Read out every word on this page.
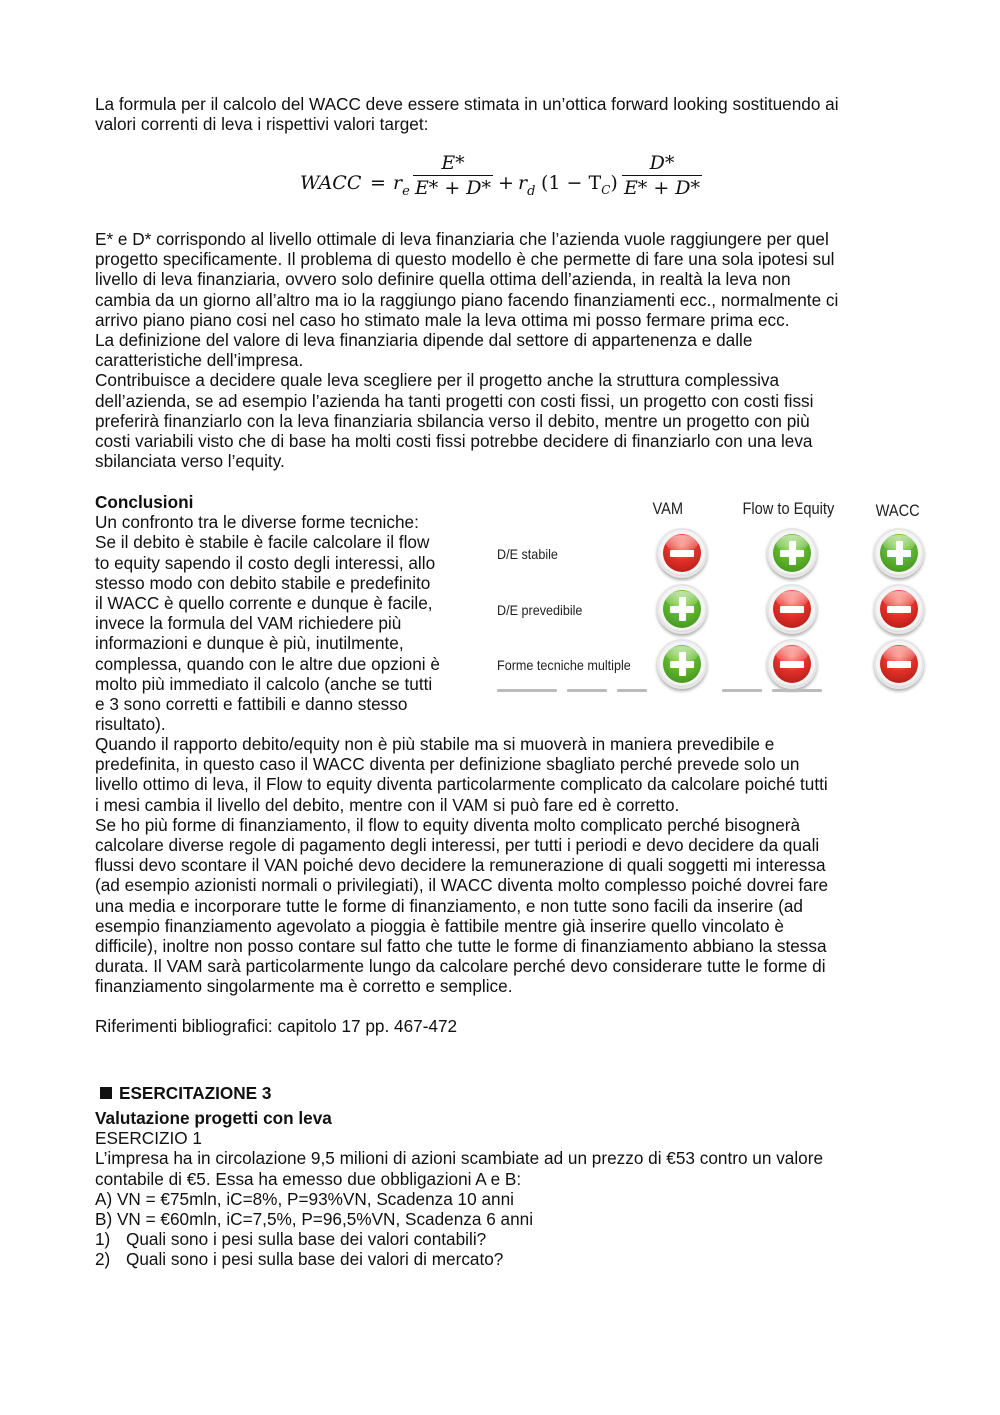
La formula per il calcolo del WACC deve essere stimata in un’ottica forward looking sostituendo ai
valori correnti di leva i rispettivi valori target:
WACC = $r_e$
E*
$E* + D* + r_d$ $(1 - T_C)$
D*
E* + D*
E* e D* corrispondo al livello ottimale di leva finanziaria che l’azienda vuole raggiungere per quel
progetto specificamente. Il problema di questo modello è che permette di fare una sola ipotesi sul
livello di leva finanziaria, ovvero solo definire quella ottima dell’azienda, in realtà la leva non
cambia da un giorno all’altro ma io la raggiungo piano facendo finanziamenti ecc., normalmente ci
arrivo piano piano cosi nel caso ho stimato male la leva ottima mi posso fermare prima ecc.
La definizione del valore di leva finanziaria dipende dal settore di appartenenza e dalle
caratteristiche dell’impresa.
Contribuisce a decidere quale leva scegliere per il progetto anche la struttura complessiva
dell’azienda, se ad esempio l’azienda ha tanti progetti con costi fissi, un progetto con costi fissi
preferirà finanziarlo con la leva finanziaria sbilancia verso il debito, mentre un progetto con più
costi variabili visto che di base ha molti costi fissi potrebbe decidere di finanziarlo con una leva
sbilanciata verso l’equity.
Conclusioni
Un confronto tra le diverse forme tecniche:
Se il debito è stabile è facile calcolare il flow
to equity sapendo il costo degli interessi, allo
stesso modo con debito stabile e predefinito
il WACC è quello corrente e dunque è facile,
invece la formula del VAM richiedere più
informazioni e dunque è più, inutilmente,
complessa, quando con le altre due opzioni è
molto più immediato il calcolo (anche se tutti
e 3 sono corretti e fattibili e danno stesso
risultato).
VAM	Flow to Equity WACC
D/E stabile
D/E prevedibile
Forme tecniche multiple
Quando il rapporto debito/equity non è più stabile ma si muoverà in maniera prevedibile e
predefinita, in questo caso il WACC diventa per definizione sbagliato perché prevede solo un
livello ottimo di leva, il Flow to equity diventa particolarmente complicato da calcolare poiché tutti
i mesi cambia il livello del debito, mentre con il VAM si può fare ed è corretto.
Se ho più forme di finanziamento, il flow to equity diventa molto complicato perché bisognerà
calcolare diverse regole di pagamento degli interessi, per tutti i periodi e devo decidere da quali
flussi devo scontare il VAN poiché devo decidere la remunerazione di quali soggetti mi interessa
(ad esempio azionisti normali o privilegiati), il WACC diventa molto complesso poiché dovrei fare
una media e incorporare tutte le forme di finanziamento, e non tutte sono facili da inserire (ad
esempio finanziamento agevolato a pioggia è fattibile mentre già inserire quello vincolato è
difficile), inoltre non posso contare sul fatto che tutte le forme di finanziamento abbiano la stessa
durata. Il VAM sarà particolarmente lungo da calcolare perché devo considerare tutte le forme di
finanziamento singolarmente ma è corretto e semplice.
Riferimenti bibliografici: capitolo 17 pp. 467-472
ESERCITAZIONE 3
Valutazione progetti con leva
ESERCIZIO 1
L’impresa ha in circolazione 9,5 milioni di azioni scambiate ad un prezzo di €53 contro un valore
contabile di €5. Essa ha emesso due obbligazioni A e B:
A) VN = €75mln, iC=8%, P=93%VN, Scadenza 10 anni
B) VN = €60mln, iC=7,5%, P=96,5%VN, Scadenza 6 anni
1) Quali sono i pesi sulla base dei valori contabili?
2) Quali sono i pesi sulla base dei valori di mercato?
